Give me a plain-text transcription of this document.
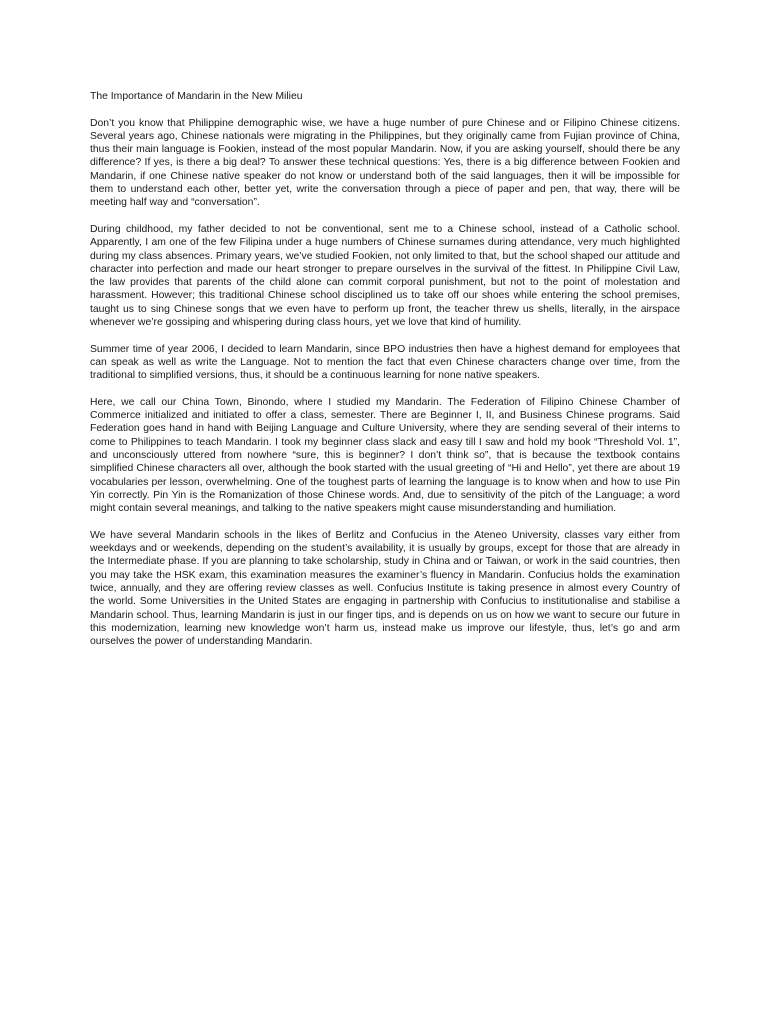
The Importance of Mandarin in the New Milieu

Don’t you know that Philippine demographic wise, we have a huge number of pure Chinese and or Filipino Chinese citizens. Several years ago, Chinese nationals were migrating in the Philippines, but they originally came from Fujian province of China, thus their main language is Fookien, instead of the most popular Mandarin. Now, if you are asking yourself, should there be any difference? If yes, is there a big deal? To answer these technical questions: Yes, there is a big difference between Fookien and Mandarin, if one Chinese native speaker do not know or understand both of the said languages, then it will be impossible for them to understand each other, better yet, write the conversation through a piece of paper and pen, that way, there will be meeting half way and “conversation”.

During childhood, my father decided to not be conventional, sent me to a Chinese school, instead of a Catholic school. Apparently, I am one of the few Filipina under a huge numbers of Chinese surnames during attendance, very much highlighted during my class absences. Primary years, we’ve studied Fookien, not only limited to that, but the school shaped our attitude and character into perfection and made our heart stronger to prepare ourselves in the survival of the fittest. In Philippine Civil Law, the law provides that parents of the child alone can commit corporal punishment, but not to the point of molestation and harassment. However; this traditional Chinese school disciplined us to take off our shoes while entering the school premises, taught us to sing Chinese songs that we even have to perform up front, the teacher threw us shells, literally, in the airspace whenever we’re gossiping and whispering during class hours, yet we love that kind of humility.

Summer time of year 2006, I decided to learn Mandarin, since BPO industries then have a highest demand for employees that can speak as well as write the Language. Not to mention the fact that even Chinese characters change over time, from the traditional to simplified versions, thus, it should be a continuous learning for none native speakers.

Here, we call our China Town, Binondo, where I studied my Mandarin. The Federation of Filipino Chinese Chamber of Commerce initialized and initiated to offer a class, semester. There are Beginner I, II, and Business Chinese programs. Said Federation goes hand in hand with Beijing Language and Culture University, where they are sending several of their interns to come to Philippines to teach Mandarin. I took my beginner class slack and easy till I saw and hold my book “Threshold Vol. 1”, and unconsciously uttered from nowhere “sure, this is beginner? I don’t think so”, that is because the textbook contains simplified Chinese characters all over, although the book started with the usual greeting of “Hi and Hello”, yet there are about 19 vocabularies per lesson, overwhelming. One of the toughest parts of learning the language is to know when and how to use Pin Yin correctly. Pin Yin is the Romanization of those Chinese words. And, due to sensitivity of the pitch of the Language; a word might contain several meanings, and talking to the native speakers might cause misunderstanding and humiliation.

We have several Mandarin schools in the likes of Berlitz and Confucius in the Ateneo University, classes vary either from weekdays and or weekends, depending on the student’s availability, it is usually by groups, except for those that are already in the Intermediate phase. If you are planning to take scholarship, study in China and or Taiwan, or work in the said countries, then you may take the HSK exam, this examination measures the examiner’s fluency in Mandarin. Confucius holds the examination twice, annually, and they are offering review classes as well. Confucius Institute is taking presence in almost every Country of the world. Some Universities in the United States are engaging in partnership with Confucius to institutionalise and stabilise a Mandarin school. Thus, learning Mandarin is just in our finger tips, and is depends on us on how we want to secure our future in this modernization, learning new knowledge won’t harm us, instead make us improve our lifestyle, thus, let’s go and arm ourselves the power of understanding Mandarin.
